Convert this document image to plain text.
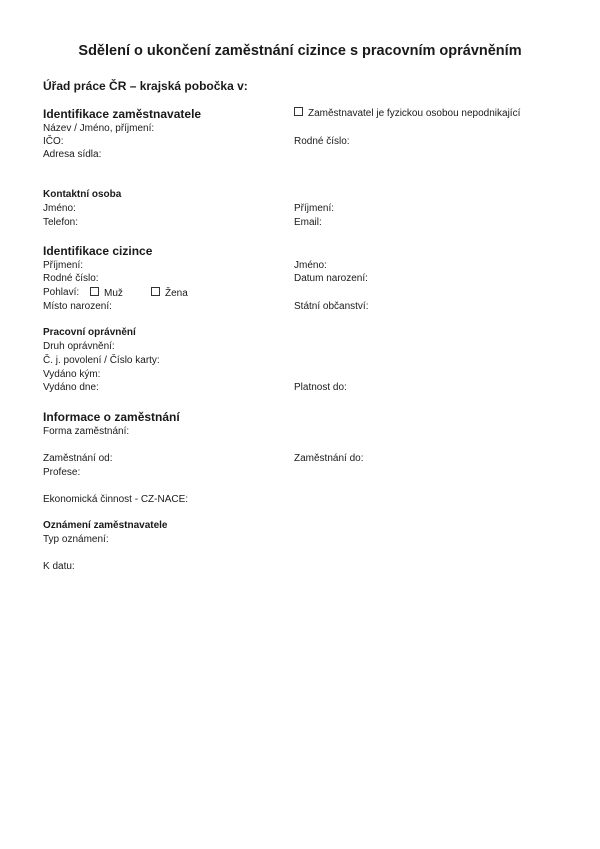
Sdělení o ukončení zaměstnání cizince s pracovním oprávněním
Úřad práce ČR – krajská pobočka v:
Identifikace zaměstnavatele	Zaměstnavatel je fyzickou osobou nepodnikající
Název / Jméno, příjmení:
IČO:	Rodné číslo:
Adresa sídla:
Kontaktní osoba
Jméno:	Příjmení:
Telefon:	Email:
Identifikace cizince
Příjmení:	Jméno:
Rodné číslo:	Datum narození:
Pohlaví:	Muž	Žena
Místo narození:	Státní občanství:
Pracovní oprávnění
Druh oprávnění:
Č. j. povolení / Číslo karty:
Vydáno kým:
Vydáno dne:	Platnost do:
Informace o zaměstnání
Forma zaměstnání:
Zaměstnání od:	Zaměstnání do:
Profese:
Ekonomická činnost - CZ-NACE:
Oznámení zaměstnavatele
Typ oznámení:
K datu:
